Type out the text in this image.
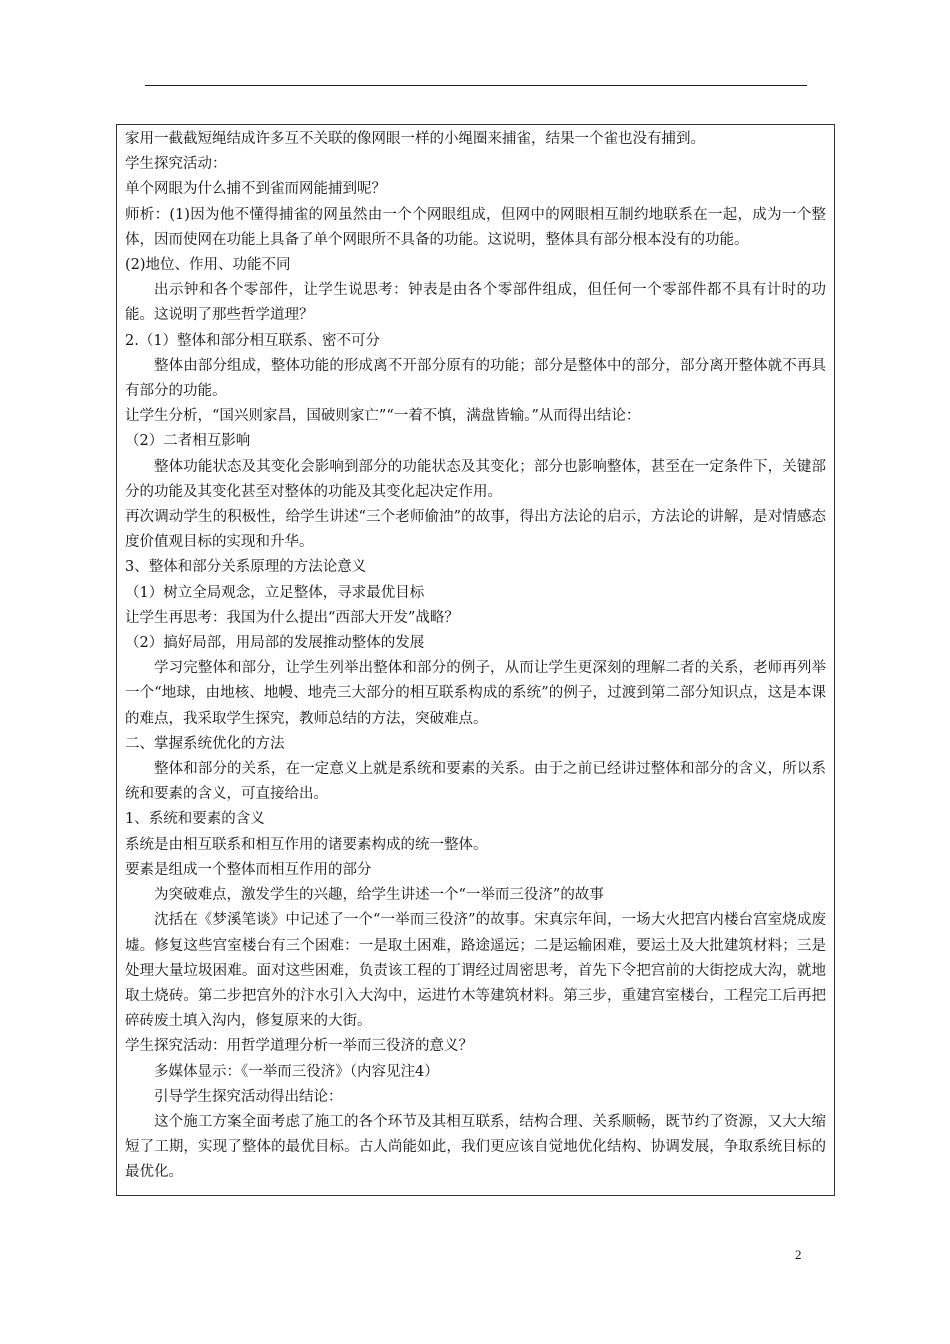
家用一截截短绳结成许多互不关联的像网眼一样的小绳圈来捕雀，结果一个雀也没有捕到。

学生探究活动：

单个网眼为什么捕不到雀而网能捕到呢？

师析：(1)因为他不懂得捕雀的网虽然由一个个网眼组成，但网中的网眼相互制约地联系在一起，成为一个整体，因而使网在功能上具备了单个网眼所不具备的功能。这说明，整体具有部分根本没有的功能。

(2)地位、作用、功能不同

出示钟和各个零部件，让学生说思考：钟表是由各个零部件组成，但任何一个零部件都不具有计时的功能。这说明了那些哲学道理？

2.（1）整体和部分相互联系、密不可分

整体由部分组成，整体功能的形成离不开部分原有的功能；部分是整体中的部分，部分离开整体就不再具有部分的功能。

让学生分析，“国兴则家昌，国破则家亡”“一着不慎，满盘皆输。”从而得出结论：

（2）二者相互影响

整体功能状态及其变化会影响到部分的功能状态及其变化；部分也影响整体，甚至在一定条件下，关键部分的功能及其变化甚至对整体的功能及其变化起决定作用。

再次调动学生的积极性，给学生讲述“三个老师偷油”的故事，得出方法论的启示，方法论的讲解，是对情感态度价值观目标的实现和升华。

3、整体和部分关系原理的方法论意义

（1）树立全局观念，立足整体，寻求最优目标

让学生再思考：我国为什么提出“西部大开发”战略？

（2）搞好局部，用局部的发展推动整体的发展

学习完整体和部分，让学生列举出整体和部分的例子，从而让学生更深刻的理解二者的关系，老师再列举一个“地球，由地核、地幔、地壳三大部分的相互联系构成的系统”的例子，过渡到第二部分知识点，这是本课的难点，我采取学生探究，教师总结的方法，突破难点。

二、掌握系统优化的方法

整体和部分的关系，在一定意义上就是系统和要素的关系。由于之前已经讲过整体和部分的含义，所以系统和要素的含义，可直接给出。

1、系统和要素的含义

系统是由相互联系和相互作用的诸要素构成的统一整体。

要素是组成一个整体而相互作用的部分

为突破难点，激发学生的兴趣，给学生讲述一个“一举而三役济”的故事

沈括在《梦溪笔谈》中记述了一个“一举而三役济”的故事。宋真宗年间，一场大火把宫内楼台宫室烧成废墟。修复这些宫室楼台有三个困难：一是取土困难，路途遥远；二是运输困难，要运土及大批建筑材料；三是处理大量垃圾困难。面对这些困难，负责该工程的丁谓经过周密思考，首先下令把宫前的大街挖成大沟，就地取土烧砖。第二步把宫外的汴水引入大沟中，运进竹木等建筑材料。第三步，重建宫室楼台，工程完工后再把碎砖废土填入沟内，修复原来的大街。

学生探究活动：用哲学道理分析一举而三役济的意义？

多媒体显示：《一举而三役济》（内容见注4）

引导学生探究活动得出结论：

这个施工方案全面考虑了施工的各个环节及其相互联系，结构合理、关系顺畅，既节约了资源，又大大缩短了工期，实现了整体的最优目标。古人尚能如此，我们更应该自觉地优化结构、协调发展，争取系统目标的最优化。

2
